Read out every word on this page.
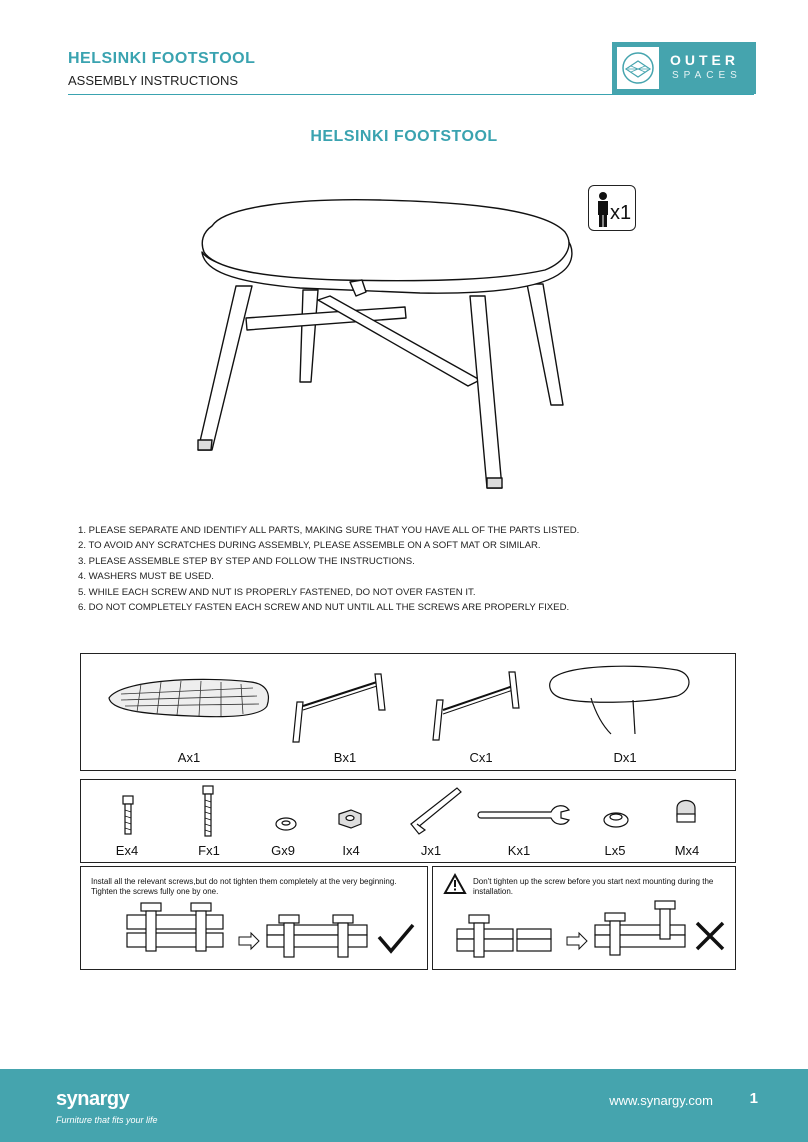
HELSINKI FOOTSTOOL
ASSEMBLY INSTRUCTIONS
OUTER
SPACES
HELSINKI FOOTSTOOL
x1
1. PLEASE SEPARATE AND IDENTIFY ALL PARTS, MAKING SURE THAT YOU HAVE ALL OF THE PARTS LISTED.
2. TO AVOID ANY SCRATCHES DURING ASSEMBLY, PLEASE ASSEMBLE ON A SOFT MAT OR SIMILAR.
3. PLEASE ASSEMBLE STEP BY STEP AND FOLLOW THE INSTRUCTIONS.
4. WASHERS MUST BE USED.
5. WHILE EACH SCREW AND NUT IS PROPERLY FASTENED, DO NOT OVER FASTEN IT.
6. DO NOT COMPLETELY FASTEN EACH SCREW AND NUT UNTIL ALL THE SCREWS ARE PROPERLY FIXED.
Ax1	Bx1	Cx1	Dx1
Ex4	Fx1	Gx9	Ix4	Jx1	Kx1	Lx5	Mx4
Install all the relevant screws,but do not tighten them completely at the very beginning.
Tighten the screws fully one by one.
Don't tighten up the screw before you start next mounting during the
installation.
synargy
Furniture that fits your life
www.synargy.com 1
